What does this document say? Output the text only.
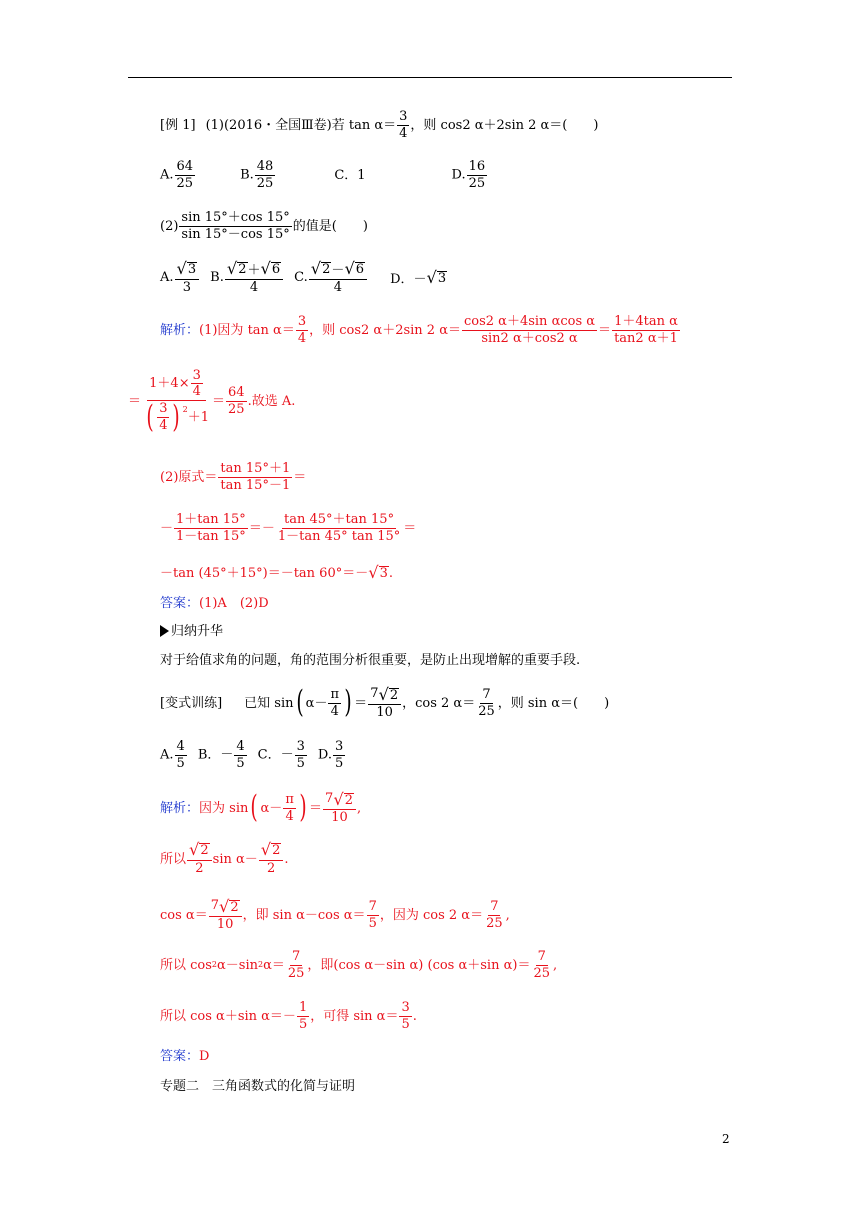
[例 1] (1)(2016・全国Ⅲ卷)若 $\tan \alpha= \frac{3}{4}$ ，则 cos2 α＋2sin 2 α＝(　　)
A. $\frac{64}{25}$	B. $\frac{48}{25}$	C．1	D. $\frac{16}{25}$
$(2) \frac{\sin 15^\circ+\cos 15^\circ}{\sin 15^\circ-\cos 15^\circ}$ 的值是(　　)
A. $\frac{√ 3}{3} B$. $\frac{√ 2 + √ 6}{4} C$. $\frac{√ 2 - √ 6}{4}$ D．－ √ 3
解析： (1)因为 $\tan \alpha= \frac{3}{4}$ ，则 cos2 α＋2sin 2 $\alpha= \frac{\text{cos2 α＋4sin αcos α}}{\sin 2 \alpha+\cos 2 \alpha} = \frac{\text{1＋4tan α}}{\tan 2 \alpha+1}$
＝ $1+4\times \frac{3}{4}$
( $\frac{3}{4}$ ) 2
$+1 = \frac{64}{25}$ .故选 A.
(2)原式＝ $\frac{\tan 15^\circ+1}{\tan 15^\circ-1}$ ＝
－ $\frac{1+\tan 15^\circ}{1-\tan 15^\circ} =- \frac{\tan 45^\circ+\tan 15^\circ}{1-\tan 45^\circ \tan 15^\circ}$ ＝
－tan (45°＋15°)＝－tan 60°＝－ √ 3 .
答案： (1)A　(2)D
归纳升华
对于给值求角的问题，角的范围分析很重要，是防止出现增解的重要手段.
[变式训练] 已知 sin ( $\alpha- \frac{\pi}{4}$ ) ＝ $\frac{7 √ 2}{10}$ ，cos 2 $\alpha= \frac{7}{25}$ ，则 sin α＝(　　)
A. $\frac{4}{5}$ B．－ $\frac{4}{5}$ C．－ $\frac{3}{5} D$. $\frac{3}{5}$
解析： 因为 sin ( $\alpha- \frac{\pi}{4}$ ) ＝ $\frac{7 √ 2}{10}$ ,
所以 $\frac{√ 2}{2}$ $\sin \alpha- \frac{√ 2}{2}$ .
$\cos \alpha= \frac{7 √ 2}{10}$ ，即 sin α－cos $\alpha= \frac{7}{5}$ ，因为 cos 2 $\alpha= \frac{7}{25}$ ,
所以 cos 2 α－sin 2 $\alpha= \frac{7}{25}$ ，即(cos α－sin α) (cos α＋sin $\alpha)= \frac{7}{25}$ ,
所以 cos α＋sin $\alpha=- \frac{1}{5}$ ，可得 $\sin \alpha= \frac{3}{5}$ .
答案： D
专题二　三角函数式的化简与证明
2
